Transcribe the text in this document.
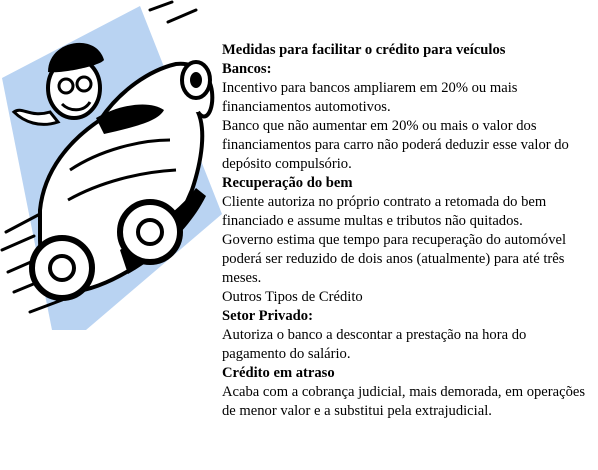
Medidas para facilitar o crédito para veículos

Bancos:

Incentivo para bancos ampliarem em 20% ou mais financiamentos automotivos.

Banco que não aumentar em 20% ou mais o valor dos financiamentos para carro não poderá deduzir esse valor do depósito compulsório.

Recuperação do bem

Cliente autoriza no próprio contrato a retomada do bem financiado e assume multas e tributos não quitados.

Governo estima que tempo para recuperação do automóvel poderá ser reduzido de dois anos (atualmente) para até três meses.

Outros Tipos de Crédito

Setor Privado:

Autoriza o banco a descontar a prestação na hora do pagamento do salário.

Crédito em atraso

Acaba com a cobrança judicial, mais demorada, em operações de menor valor e a substitui pela extrajudicial.
